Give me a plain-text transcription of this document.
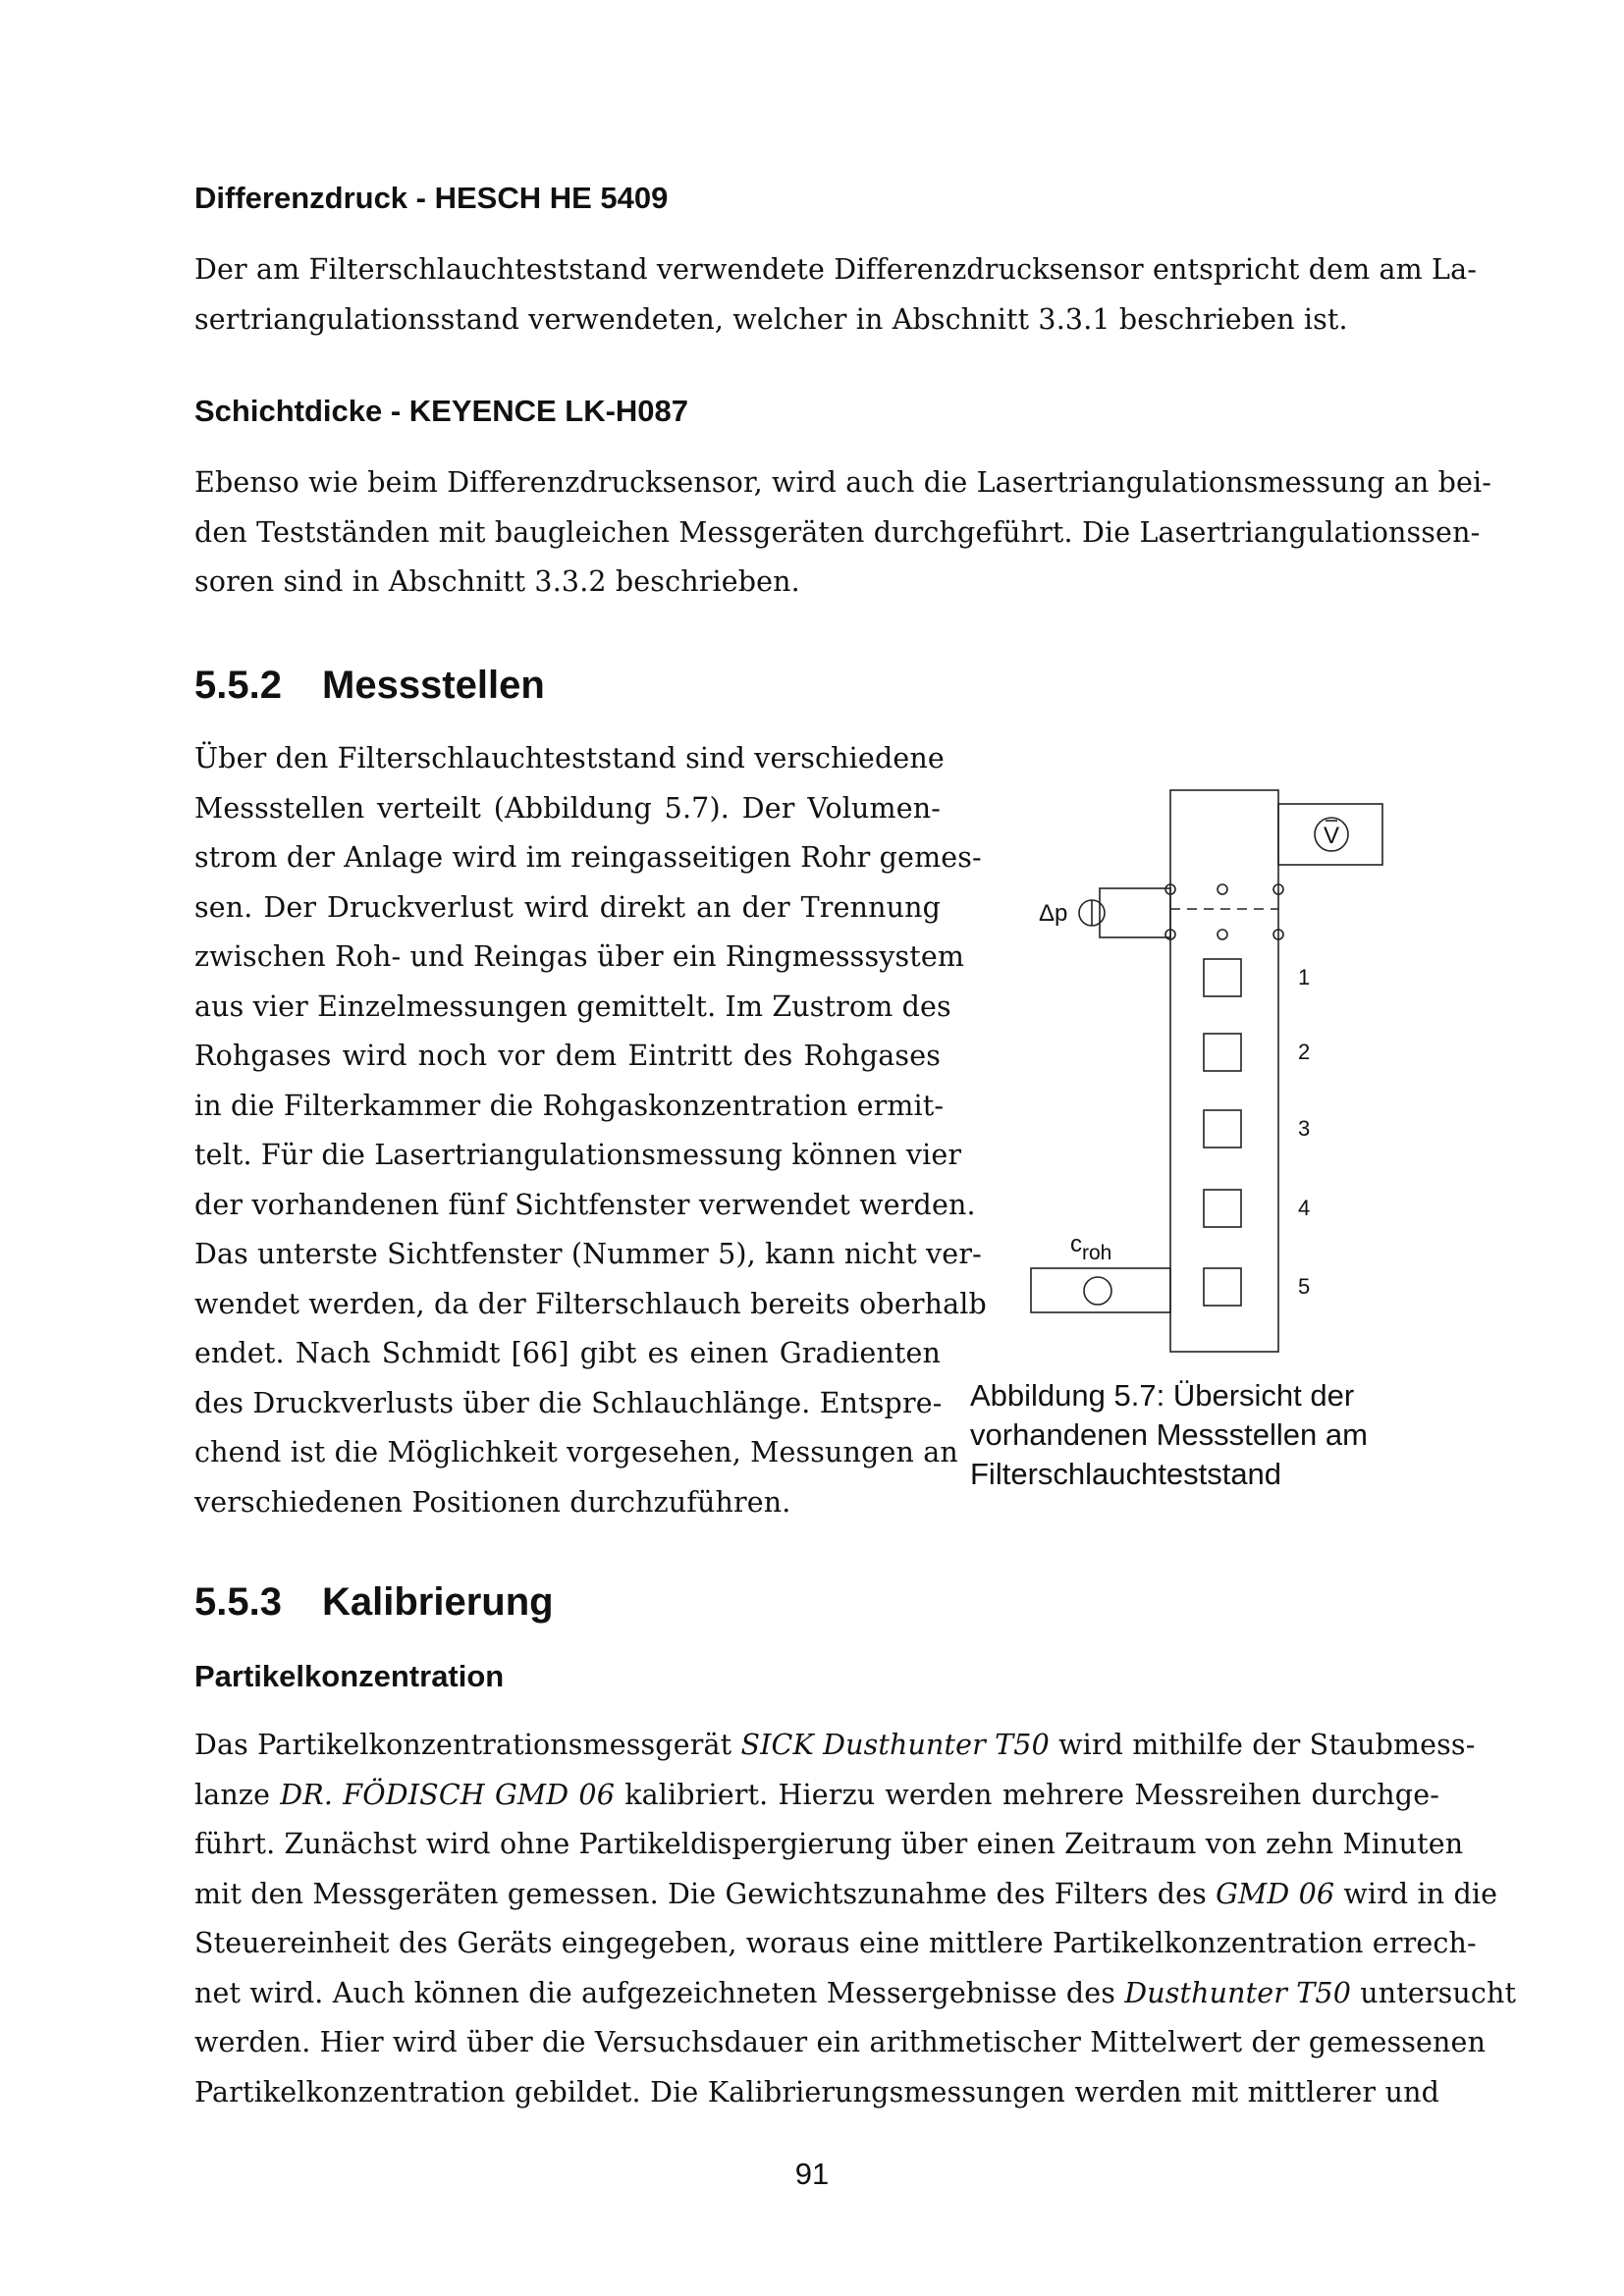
Differenzdruck - HESCH HE 5409
Der am Filterschlauchteststand verwendete Differenzdrucksensor entspricht dem am La-
sertriangulationsstand verwendeten, welcher in Abschnitt 3.3.1 beschrieben ist.
Schichtdicke - KEYENCE LK-H087
Ebenso wie beim Differenzdrucksensor, wird auch die Lasertriangulationsmessung an bei-
den Testständen mit baugleichen Messgeräten durchgeführt. Die Lasertriangulationssen-
soren sind in Abschnitt 3.3.2 beschrieben.
5.5.2 Messstellen
Über den Filterschlauchteststand sind verschiedene
Messstellen verteilt (Abbildung 5.7). Der Volumen-
strom der Anlage wird im reingasseitigen Rohr gemes-
sen. Der Druckverlust wird direkt an der Trennung
zwischen Roh- und Reingas über ein Ringmesssystem
aus vier Einzelmessungen gemittelt. Im Zustrom des
Rohgases wird noch vor dem Eintritt des Rohgases
in die Filterkammer die Rohgaskonzentration ermit-
telt. Für die Lasertriangulationsmessung können vier
der vorhandenen fünf Sichtfenster verwendet werden.
Das unterste Sichtfenster (Nummer 5), kann nicht ver-
wendet werden, da der Filterschlauch bereits oberhalb
endet. Nach Schmidt [66] gibt es einen Gradienten
des Druckverlusts über die Schlauchlänge. Entspre-
chend ist die Möglichkeit vorgesehen, Messungen an
verschiedenen Positionen durchzuführen.
V
Δp
1
2
3
4
5
croh
Abbildung 5.7: Übersicht der vorhandenen Messstellen am Filterschlauchteststand
5.5.3 Kalibrierung
Partikelkonzentration
Das Partikelkonzentrationsmessgerät SICK Dusthunter T50 wird mithilfe der Staubmess-
lanze DR. FÖDISCH GMD 06 kalibriert. Hierzu werden mehrere Messreihen durchge-
führt. Zunächst wird ohne Partikeldispergierung über einen Zeitraum von zehn Minuten
mit den Messgeräten gemessen. Die Gewichtszunahme des Filters des GMD 06 wird in die
Steuereinheit des Geräts eingegeben, woraus eine mittlere Partikelkonzentration errech-
net wird. Auch können die aufgezeichneten Messergebnisse des Dusthunter T50 untersucht
werden. Hier wird über die Versuchsdauer ein arithmetischer Mittelwert der gemessenen
Partikelkonzentration gebildet. Die Kalibrierungsmessungen werden mit mittlerer und
91
